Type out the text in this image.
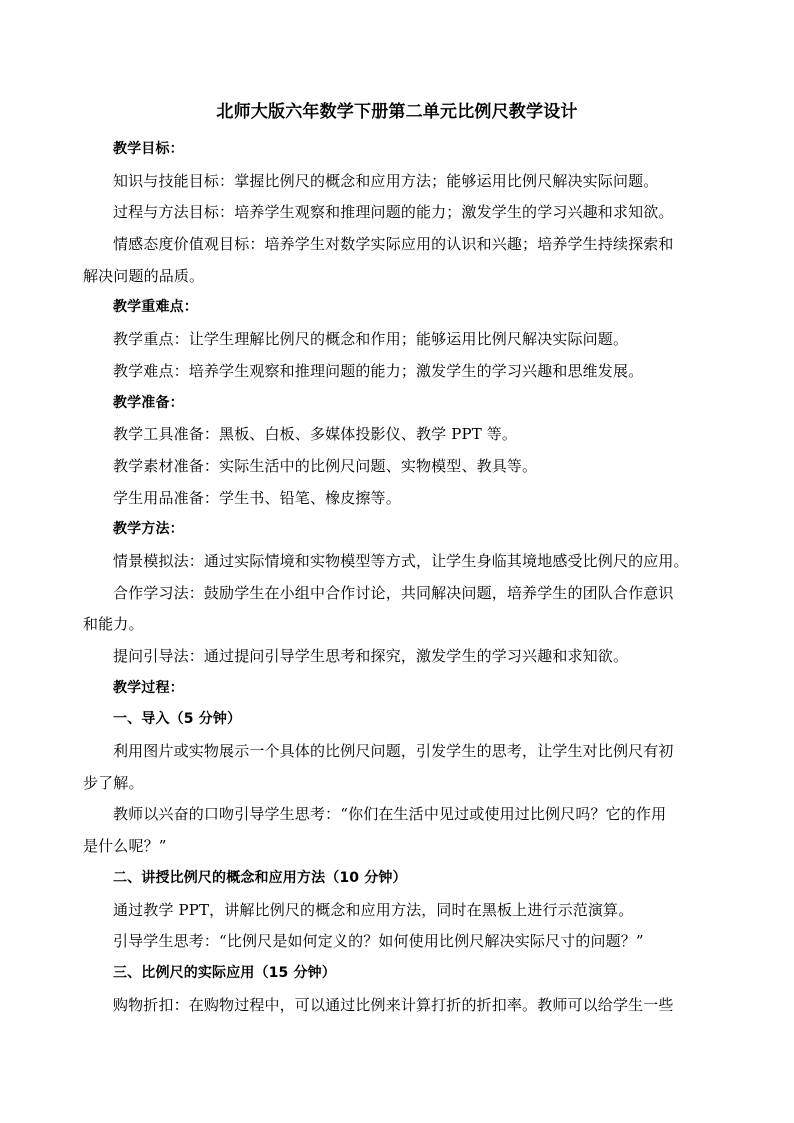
北师大版六年数学下册第二单元比例尺教学设计
教学目标：
知识与技能目标：掌握比例尺的概念和应用方法；能够运用比例尺解决实际问题。
过程与方法目标：培养学生观察和推理问题的能力；激发学生的学习兴趣和求知欲。
情感态度价值观目标：培养学生对数学实际应用的认识和兴趣；培养学生持续探索和
解决问题的品质。
教学重难点：
教学重点：让学生理解比例尺的概念和作用；能够运用比例尺解决实际问题。
教学难点：培养学生观察和推理问题的能力；激发学生的学习兴趣和思维发展。
教学准备：
教学工具准备：黑板、白板、多媒体投影仪、教学 PPT 等。
教学素材准备：实际生活中的比例尺问题、实物模型、教具等。
学生用品准备：学生书、铅笔、橡皮擦等。
教学方法：
情景模拟法：通过实际情境和实物模型等方式，让学生身临其境地感受比例尺的应用。
合作学习法：鼓励学生在小组中合作讨论，共同解决问题，培养学生的团队合作意识
和能力。
提问引导法：通过提问引导学生思考和探究，激发学生的学习兴趣和求知欲。
教学过程：
一、导入（5 分钟）
利用图片或实物展示一个具体的比例尺问题，引发学生的思考，让学生对比例尺有初
步了解。
教师以兴奋的口吻引导学生思考：“你们在生活中见过或使用过比例尺吗？它的作用
是什么呢？”
二、讲授比例尺的概念和应用方法（10 分钟）
通过教学 PPT，讲解比例尺的概念和应用方法，同时在黑板上进行示范演算。
引导学生思考：“比例尺是如何定义的？如何使用比例尺解决实际尺寸的问题？”
三、比例尺的实际应用（15 分钟）
购物折扣：在购物过程中，可以通过比例来计算打折的折扣率。教师可以给学生一些
